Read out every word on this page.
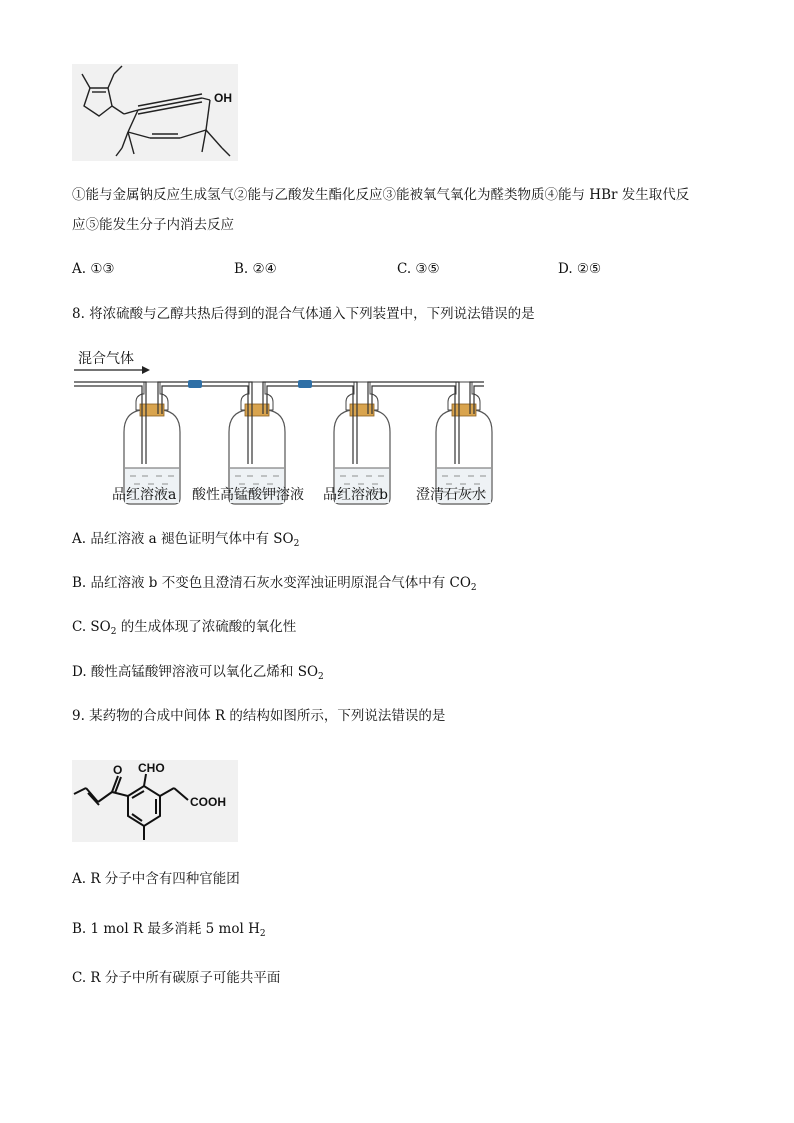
OH
①能与金属钠反应生成氢气②能与乙酸发生酯化反应③能被氧气氧化为醛类物质④能与 HBr 发生取代反
应⑤能发生分子内消去反应
A. ①③	B. ②④	C. ③⑤	D. ②⑤
8. 将浓硫酸与乙醇共热后得到的混合气体通入下列装置中，下列说法错误的是
混合气体
品红溶液a 酸性高锰酸钾溶液 品红溶液b 澄清石灰水
A. 品红溶液 a 褪色证明气体中有 $SO_2$
B. 品红溶液 b 不变色且澄清石灰水变浑浊证明原混合气体中有 $CO_2$
C. $SO_2$ 的生成体现了浓硫酸的氧化性
D. 酸性高锰酸钾溶液可以氧化乙烯和 $SO_2$
9. 某药物的合成中间体 R 的结构如图所示，下列说法错误的是
O CHO
COOH
A. R 分子中含有四种官能团
B. 1 mol R 最多消耗 5 mol $H_2$
C. R 分子中所有碳原子可能共平面
